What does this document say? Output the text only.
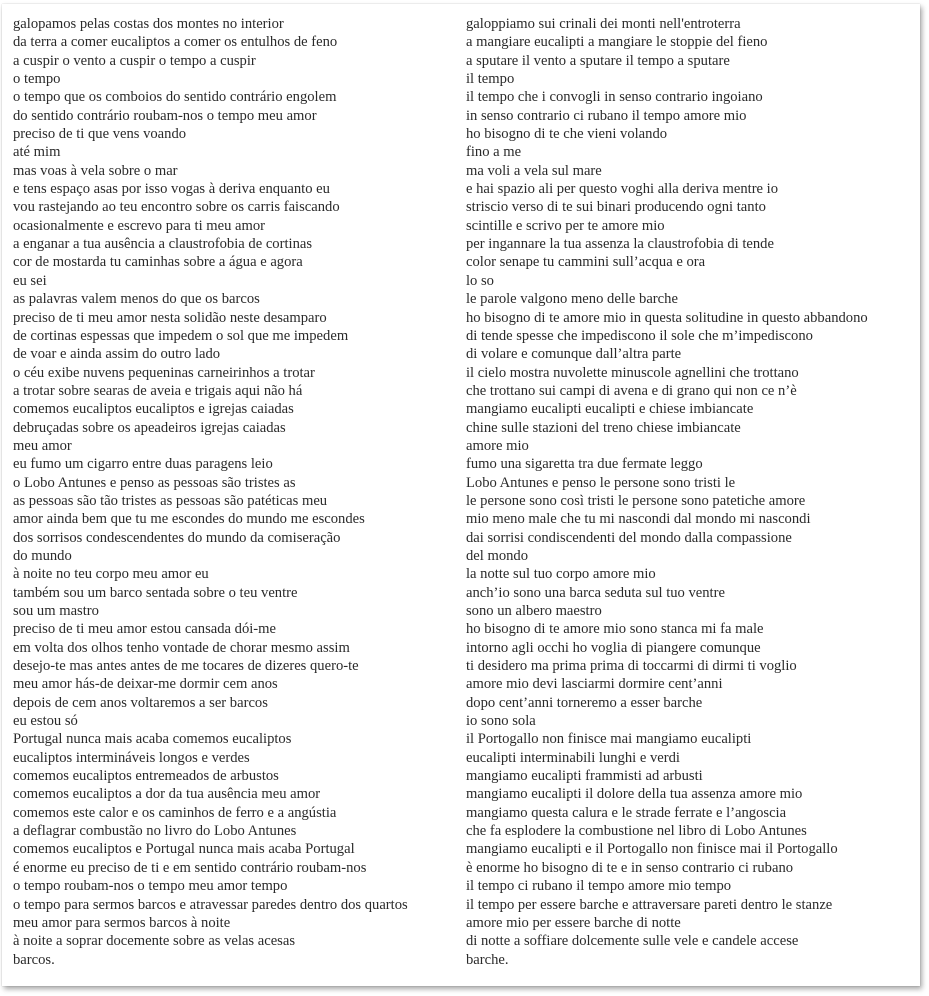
galopamos pelas costas dos montes no interior
da terra a comer eucaliptos a comer os entulhos de feno
a cuspir o vento a cuspir o tempo a cuspir
o tempo
o tempo que os comboios do sentido contrário engolem
do sentido contrário roubam-nos o tempo meu amor
preciso de ti que vens voando
até mim
mas voas à vela sobre o mar
e tens espaço asas por isso vogas à deriva enquanto eu
vou rastejando ao teu encontro sobre os carris faiscando
ocasionalmente e escrevo para ti meu amor
a enganar a tua ausência a claustrofobia de cortinas
cor de mostarda tu caminhas sobre a água e agora
eu sei
as palavras valem menos do que os barcos
preciso de ti meu amor nesta solidão neste desamparo
de cortinas espessas que impedem o sol que me impedem
de voar e ainda assim do outro lado
o céu exibe nuvens pequeninas carneirinhos a trotar
a trotar sobre searas de aveia e trigais aqui não há
comemos eucaliptos eucaliptos e igrejas caiadas
debruçadas sobre os apeadeiros igrejas caiadas
meu amor
eu fumo um cigarro entre duas paragens leio
o Lobo Antunes e penso as pessoas são tristes as
as pessoas são tão tristes as pessoas são patéticas meu
amor ainda bem que tu me escondes do mundo me escondes
dos sorrisos condescendentes do mundo da comiseração
do mundo
à noite no teu corpo meu amor eu
também sou um barco sentada sobre o teu ventre
sou um mastro
preciso de ti meu amor estou cansada dói-me
em volta dos olhos tenho vontade de chorar mesmo assim
desejo-te mas antes antes de me tocares de dizeres quero-te
meu amor hás-de deixar-me dormir cem anos
depois de cem anos voltaremos a ser barcos
eu estou só
Portugal nunca mais acaba comemos eucaliptos
eucaliptos intermináveis longos e verdes
comemos eucaliptos entremeados de arbustos
comemos eucaliptos a dor da tua ausência meu amor
comemos este calor e os caminhos de ferro e a angústia
a deflagrar combustão no livro do Lobo Antunes
comemos eucaliptos e Portugal nunca mais acaba Portugal
é enorme eu preciso de ti e em sentido contrário roubam-nos
o tempo roubam-nos o tempo meu amor tempo
o tempo para sermos barcos e atravessar paredes dentro dos quartos
meu amor para sermos barcos à noite
à noite a soprar docemente sobre as velas acesas
barcos.
galoppiamo sui crinali dei monti nell'entroterra
a mangiare eucalipti a mangiare le stoppie del fieno
a sputare il vento a sputare il tempo a sputare
il tempo
il tempo che i convogli in senso contrario ingoiano
in senso contrario ci rubano il tempo amore mio
ho bisogno di te che vieni volando
fino a me
ma voli a vela sul mare
e hai spazio ali per questo voghi alla deriva mentre io
striscio verso di te sui binari producendo ogni tanto
scintille e scrivo per te amore mio
per ingannare la tua assenza la claustrofobia di tende
color senape tu cammini sull’acqua e ora
lo so
le parole valgono meno delle barche
ho bisogno di te amore mio in questa solitudine in questo abbandono
di tende spesse che impediscono il sole che m’impediscono
di volare e comunque dall’altra parte
il cielo mostra nuvolette minuscole agnellini che trottano
che trottano sui campi di avena e di grano qui non ce n’è
mangiamo eucalipti eucalipti e chiese imbiancate
chine sulle stazioni del treno chiese imbiancate
amore mio
fumo una sigaretta tra due fermate leggo
Lobo Antunes e penso le persone sono tristi le
le persone sono così tristi le persone sono patetiche amore
mio meno male che tu mi nascondi dal mondo mi nascondi
dai sorrisi condiscendenti del mondo dalla compassione
del mondo
la notte sul tuo corpo amore mio
anch’io sono una barca seduta sul tuo ventre
sono un albero maestro
ho bisogno di te amore mio sono stanca mi fa male
intorno agli occhi ho voglia di piangere comunque
ti desidero ma prima prima di toccarmi di dirmi ti voglio
amore mio devi lasciarmi dormire cent’anni
dopo cent’anni torneremo a esser barche
io sono sola
il Portogallo non finisce mai mangiamo eucalipti
eucalipti interminabili lunghi e verdi
mangiamo eucalipti frammisti ad arbusti
mangiamo eucalipti il dolore della tua assenza amore mio
mangiamo questa calura e le strade ferrate e l’angoscia
che fa esplodere la combustione nel libro di Lobo Antunes
mangiamo eucalipti e il Portogallo non finisce mai il Portogallo
è enorme ho bisogno di te e in senso contrario ci rubano
il tempo ci rubano il tempo amore mio tempo
il tempo per essere barche e attraversare pareti dentro le stanze
amore mio per essere barche di notte
di notte a soffiare dolcemente sulle vele e candele accese
barche.
